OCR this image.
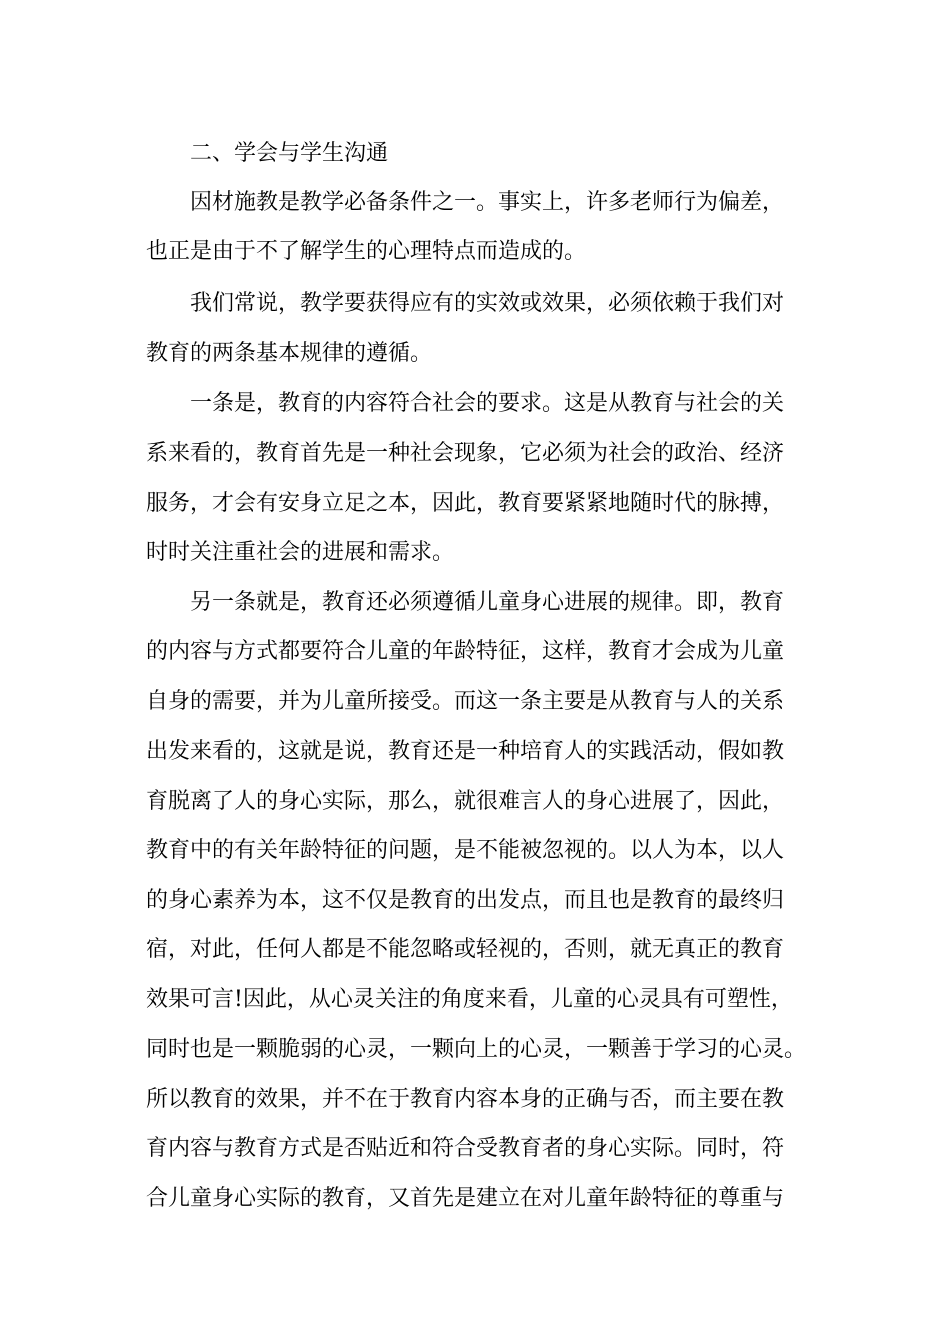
二、学会与学生沟通
因材施教是教学必备条件之一。事实上，许多老师行为偏差，
也正是由于不了解学生的心理特点而造成的。
我们常说，教学要获得应有的实效或效果，必须依赖于我们对
教育的两条基本规律的遵循。
一条是，教育的内容符合社会的要求。这是从教育与社会的关
系来看的，教育首先是一种社会现象，它必须为社会的政治、经济
服务，才会有安身立足之本，因此，教育要紧紧地随时代的脉搏，
时时关注重社会的进展和需求。
另一条就是，教育还必须遵循儿童身心进展的规律。即，教育
的内容与方式都要符合儿童的年龄特征，这样，教育才会成为儿童
自身的需要，并为儿童所接受。而这一条主要是从教育与人的关系
出发来看的，这就是说，教育还是一种培育人的实践活动，假如教
育脱离了人的身心实际，那么，就很难言人的身心进展了，因此，
教育中的有关年龄特征的问题，是不能被忽视的。以人为本，以人
的身心素养为本，这不仅是教育的出发点，而且也是教育的最终归
宿，对此，任何人都是不能忽略或轻视的，否则，就无真正的教育
效果可言!因此，从心灵关注的角度来看，儿童的心灵具有可塑性，
同时也是一颗脆弱的心灵，一颗向上的心灵，一颗善于学习的心灵。
所以教育的效果，并不在于教育内容本身的正确与否，而主要在教
育内容与教育方式是否贴近和符合受教育者的身心实际。同时，符
合儿童身心实际的教育，又首先是建立在对儿童年龄特征的尊重与
